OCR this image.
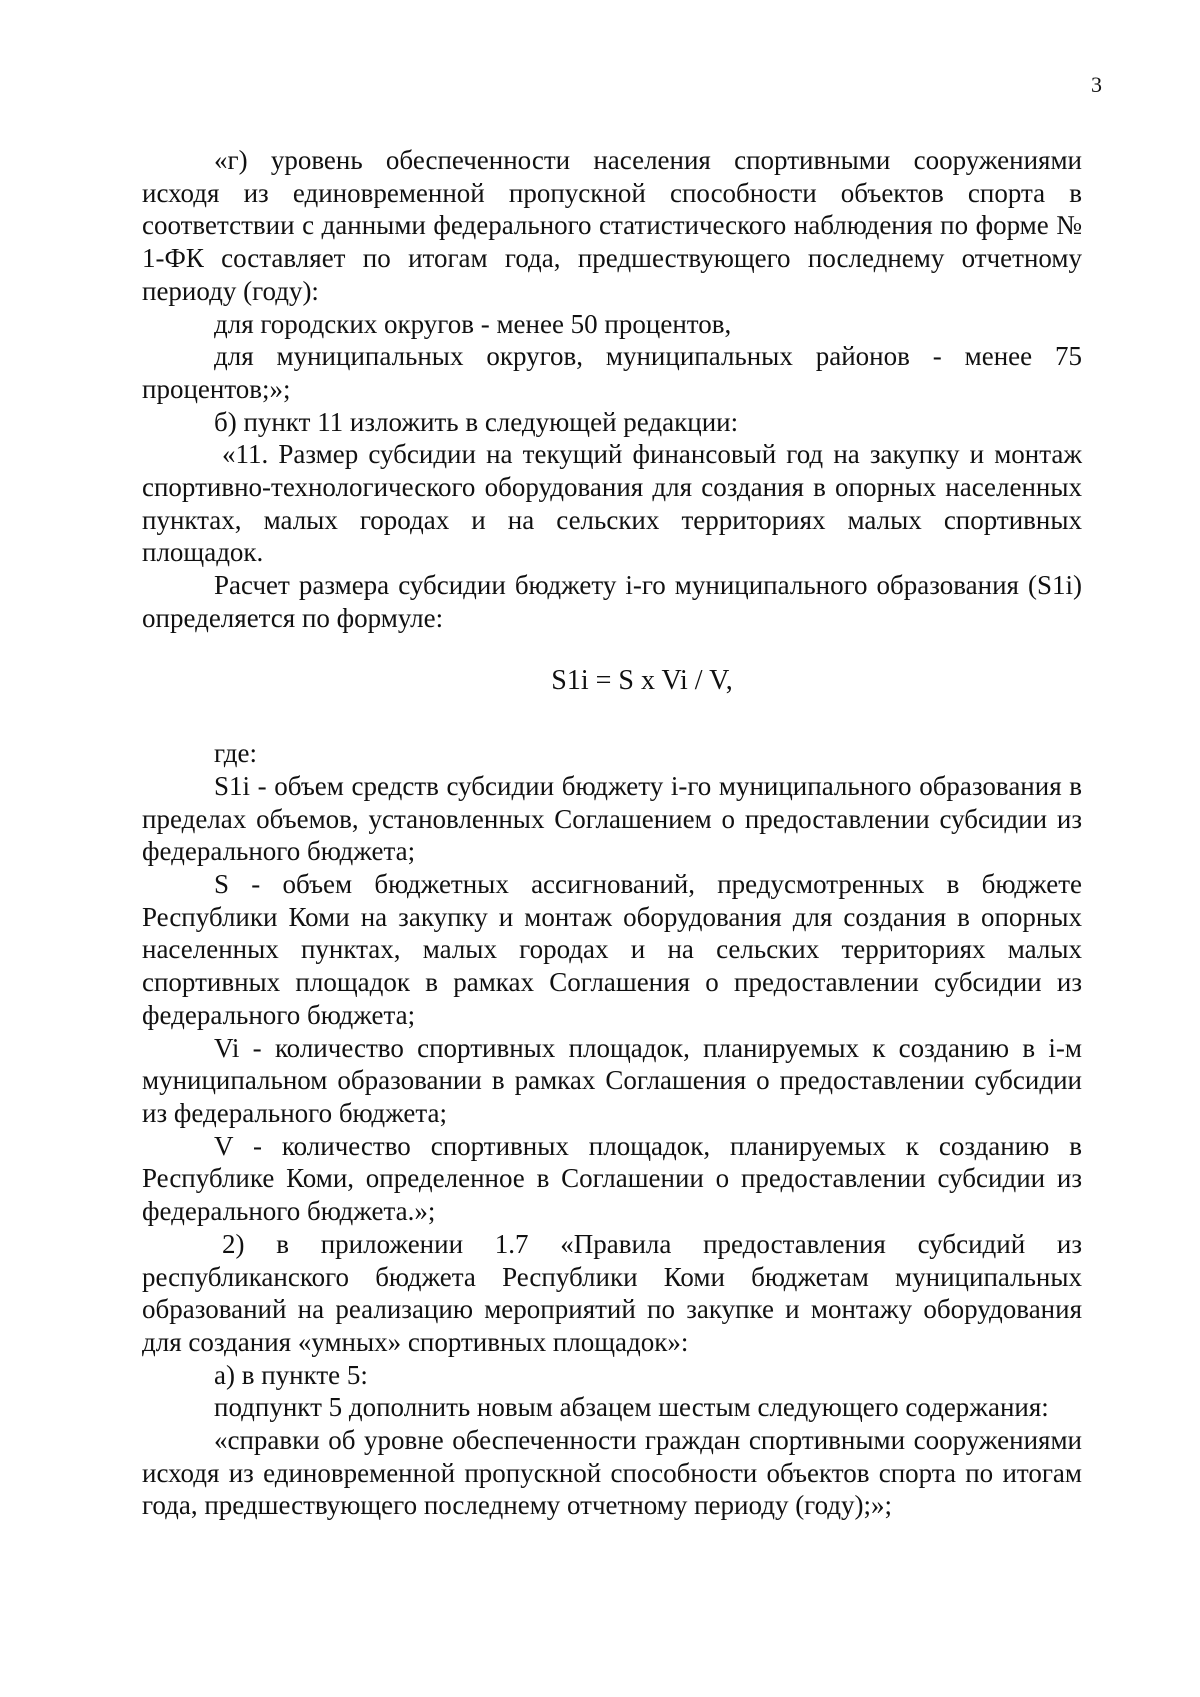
3

«г) уровень обеспеченности населения спортивными сооружениями исходя из единовременной пропускной способности объектов спорта в соответствии с данными федерального статистического наблюдения по форме № 1-ФК составляет по итогам года, предшествующего последнему отчетному периоду (году):

для городских округов - менее 50 процентов,

для муниципальных округов, муниципальных районов - менее 75 процентов;»;

б) пункт 11 изложить в следующей редакции:

«11. Размер субсидии на текущий финансовый год на закупку и монтаж спортивно-технологического оборудования для создания в опорных населенных пунктах, малых городах и на сельских территориях малых спортивных площадок.

Расчет размера субсидии бюджету i-го муниципального образования (S1i) определяется по формуле:

S1i = S x Vi / V,

где:

S1i - объем средств субсидии бюджету i-го муниципального образования в пределах объемов, установленных Соглашением о предоставлении субсидии из федерального бюджета;

S - объем бюджетных ассигнований, предусмотренных в бюджете Республики Коми на закупку и монтаж оборудования для создания в опорных населенных пунктах, малых городах и на сельских территориях малых спортивных площадок в рамках Соглашения о предоставлении субсидии из федерального бюджета;

Vi - количество спортивных площадок, планируемых к созданию в i-м муниципальном образовании в рамках Соглашения о предоставлении субсидии из федерального бюджета;

V - количество спортивных площадок, планируемых к созданию в Республике Коми, определенное в Соглашении о предоставлении субсидии из федерального бюджета.»;

2) в приложении 1.7 «Правила предоставления субсидий из республиканского бюджета Республики Коми бюджетам муниципальных образований на реализацию мероприятий по закупке и монтажу оборудования для создания «умных» спортивных площадок»:

а) в пункте 5:

подпункт 5 дополнить новым абзацем шестым следующего содержания:

«справки об уровне обеспеченности граждан спортивными сооружениями исходя из единовременной пропускной способности объектов спорта по итогам года, предшествующего последнему отчетному периоду (году);»;
